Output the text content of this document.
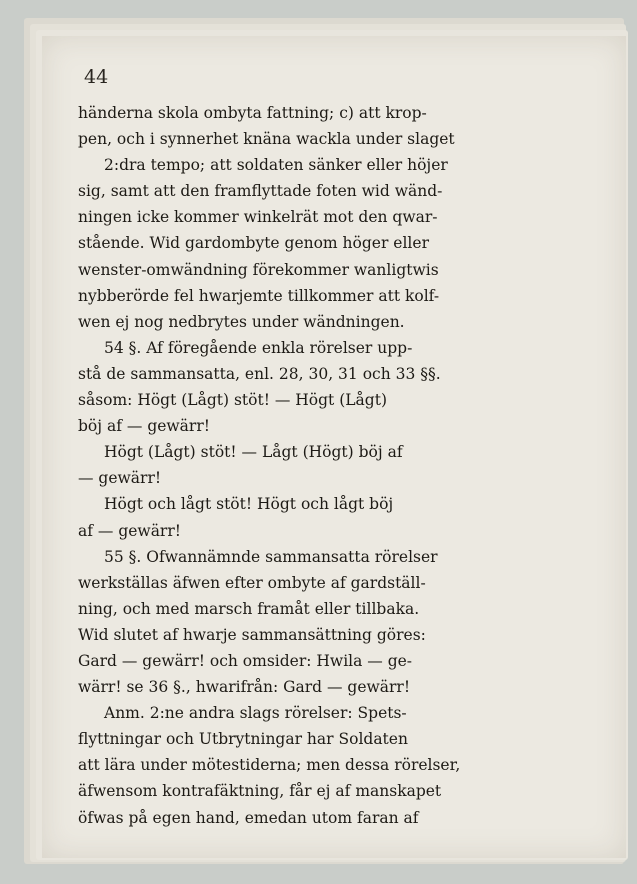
44
händerna skola ombyta fattning; c) att krop-
pen, och i synnerhet knäna wackla under slaget
2:dra tempo; att soldaten sänker eller höjer
sig, samt att den framflyttade foten wid wänd-
ningen icke kommer winkelrät mot den qwar-
stående. Wid gardombyte genom höger eller
wenster-omwändning förekommer wanligtwis
nybberörde fel hwarjemte tillkommer att kolf-
wen ej nog nedbrytes under wändningen.
54 §. Af föregående enkla rörelser upp-
stå de sammansatta, enl. 28, 30, 31 och 33 §§.
såsom: Högt (Lågt) stöt! — Högt (Lågt)
böj af — gewärr!
Högt (Lågt) stöt! — Lågt (Högt) böj af
— gewärr!
Högt och lågt stöt! Högt och lågt böj
af — gewärr!
55 §. Ofwannämnde sammansatta rörelser
werkställas äfwen efter ombyte af gardställ-
ning, och med marsch framåt eller tillbaka.
Wid slutet af hwarje sammansättning göres:
Gard — gewärr! och omsider: Hwila — ge-
wärr! se 36 §., hwarifrån: Gard — gewärr!
Anm. 2:ne andra slags rörelser: Spets-
flyttningar och Utbrytningar har Soldaten
att lära under mötestiderna; men dessa rörelser,
äfwensom kontrafäktning, får ej af manskapet
öfwas på egen hand, emedan utom faran af
